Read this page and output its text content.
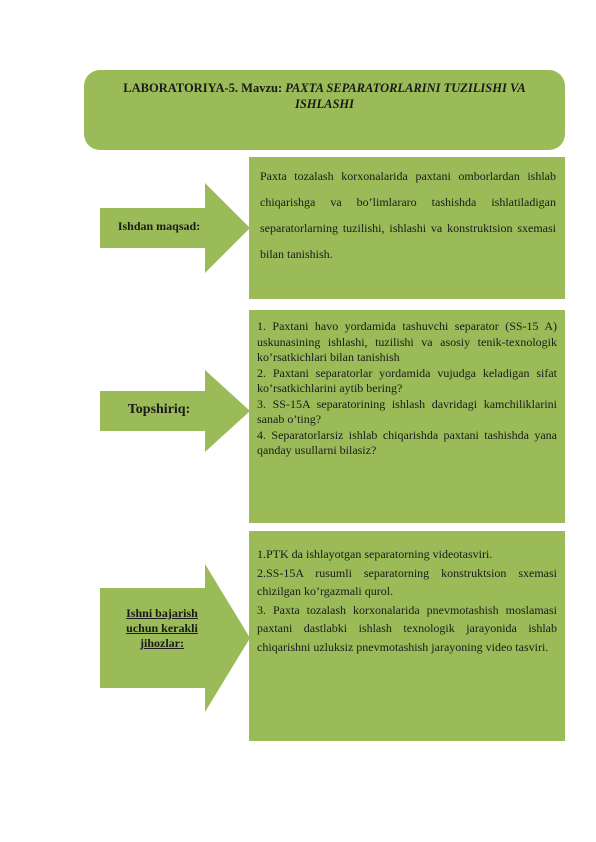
LABORATORIYA-5. Mavzu: PAXTA SEPARATORLARINI TUZILISHI VA ISHLASHI
Ishdan maqsad:

Paxta tozalash korxonalarida paxtani omborlardan ishlab chiqarishga va bo’limlararo tashishda ishlatiladigan separatorlarning tuzilishi, ishlashi va konstruktsion sxemasi bilan tanishish.

Topshiriq:

1. Paxtani havo yordamida tashuvchi separator (SS-15 A) uskunasining ishlashi, tuzilishi va asosiy tenik-texnologik ko’rsatkichlari bilan tanishish

2. Paxtani separatorlar yordamida vujudga keladigan sifat ko’rsatkichlarini aytib bering?

3. SS-15A separatorining ishlash davridagi kamchiliklarini sanab o’ting?

4. Separatorlarsiz ishlab chiqarishda paxtani tashishda yana qanday usullarni bilasiz?

Ishni bajarish uchun kerakli jihozlar:

1.PTK da ishlayotgan separatorning videotasviri.

2.SS-15A rusumli separatorning konstruktsion sxemasi chizilgan ko’rgazmali qurol.

3. Paxta tozalash korxonalarida pnevmotashish moslamasi paxtani dastlabki ishlash texnologik jarayonida ishlab chiqarishni uzluksiz pnevmotashish jarayoning video tasviri.
